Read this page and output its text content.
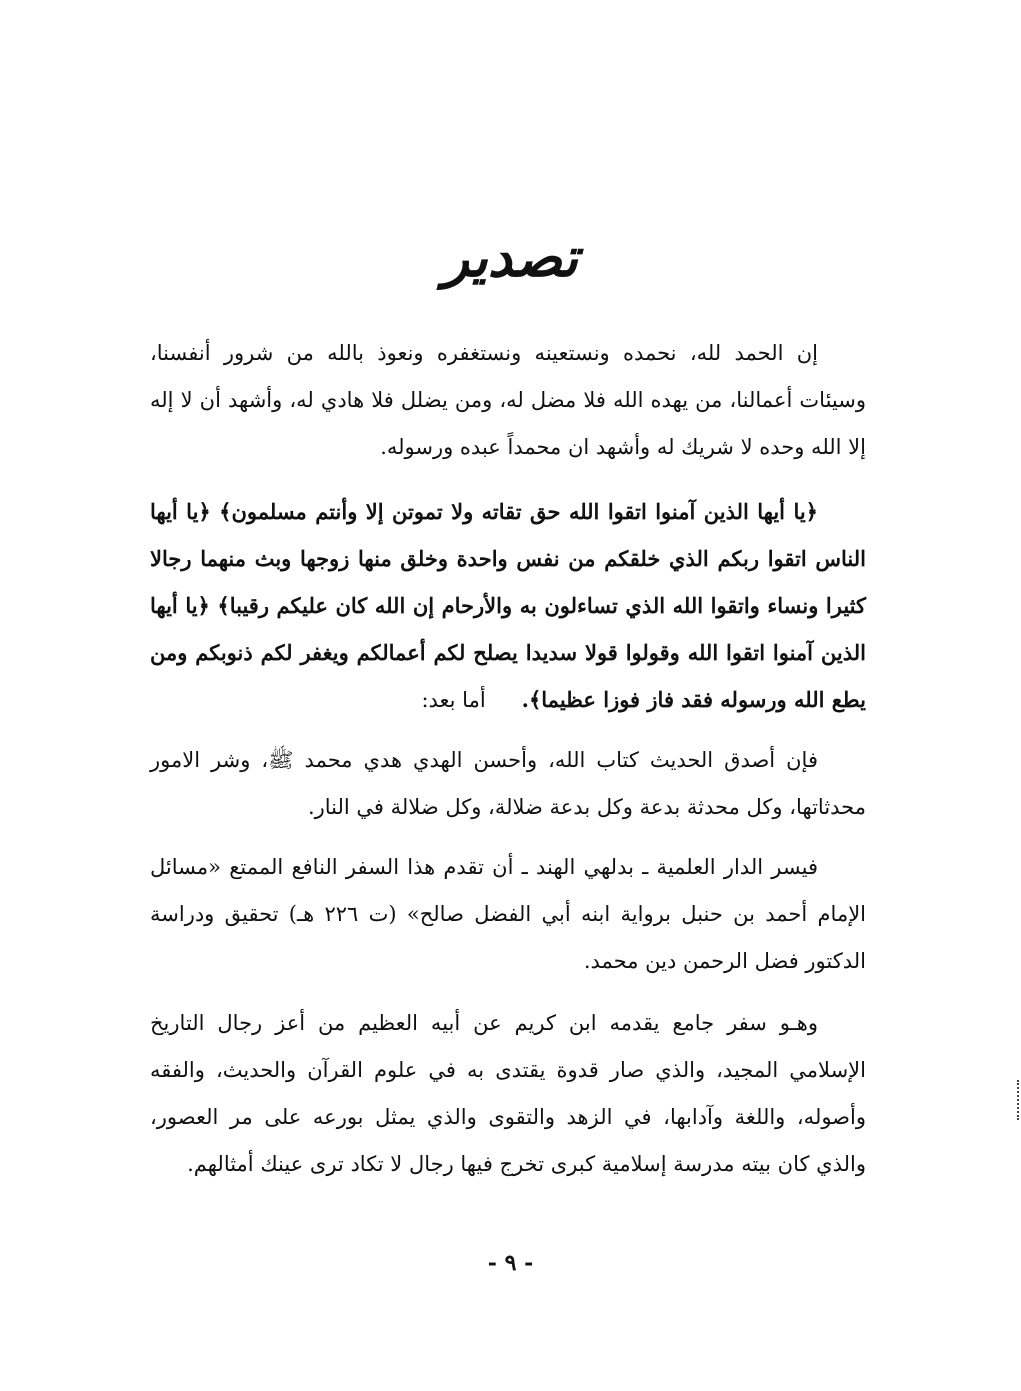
تصدير

إن الحمد لله، نحمده ونستعينه ونستغفره ونعوذ بالله من شرور أنفسنا، وسيئات أعمالنا، من يهده الله فلا مضل له، ومن يضلل فلا هادي له، وأشهد أن لا إله إلا الله وحده لا شريك له وأشهد ان محمداً عبده ورسوله.

﴿يا أيها الذين آمنوا اتقوا الله حق تقاته ولا تموتن إلا وأنتم مسلمون﴾ ﴿يا أيها الناس اتقوا ربكم الذي خلقكم من نفس واحدة وخلق منها زوجها وبث منهما رجالا كثيرا ونساء واتقوا الله الذي تساءلون به والأرحام إن الله كان عليكم رقيبا﴾ ﴿يا أيها الذين آمنوا اتقوا الله وقولوا قولا سديدا يصلح لكم أعمالكم ويغفر لكم ذنوبكم ومن يطع الله ورسوله فقد فاز فوزا عظيما﴾.أما بعد:

فإن أصدق الحديث كتاب الله، وأحسن الهدي هدي محمد ﷺ، وشر الامور محدثاتها، وكل محدثة بدعة وكل بدعة ضلالة، وكل ضلالة في النار.

فيسر الدار العلمية ـ بدلهي الهند ـ أن تقدم هذا السفر النافع الممتع «مسائل الإمام أحمد بن حنبل برواية ابنه أبي الفضل صالح» (ت ٢٢٦ هـ) تحقيق ودراسة الدكتور فضل الرحمن دين محمد.

وهـو سفر جامع يقدمه ابن كريم عن أبيه العظيم من أعز رجال التاريخ الإسلامي المجيد، والذي صار قدوة يقتدى به في علوم القرآن والحديث، والفقه وأصوله، واللغة وآدابها، في الزهد والتقوى والذي يمثل بورعه على مر العصور، والذي كان بيته مدرسة إسلامية كبرى تخرج فيها رجال لا تكاد ترى عينك أمثالهم.

- ٩ -
